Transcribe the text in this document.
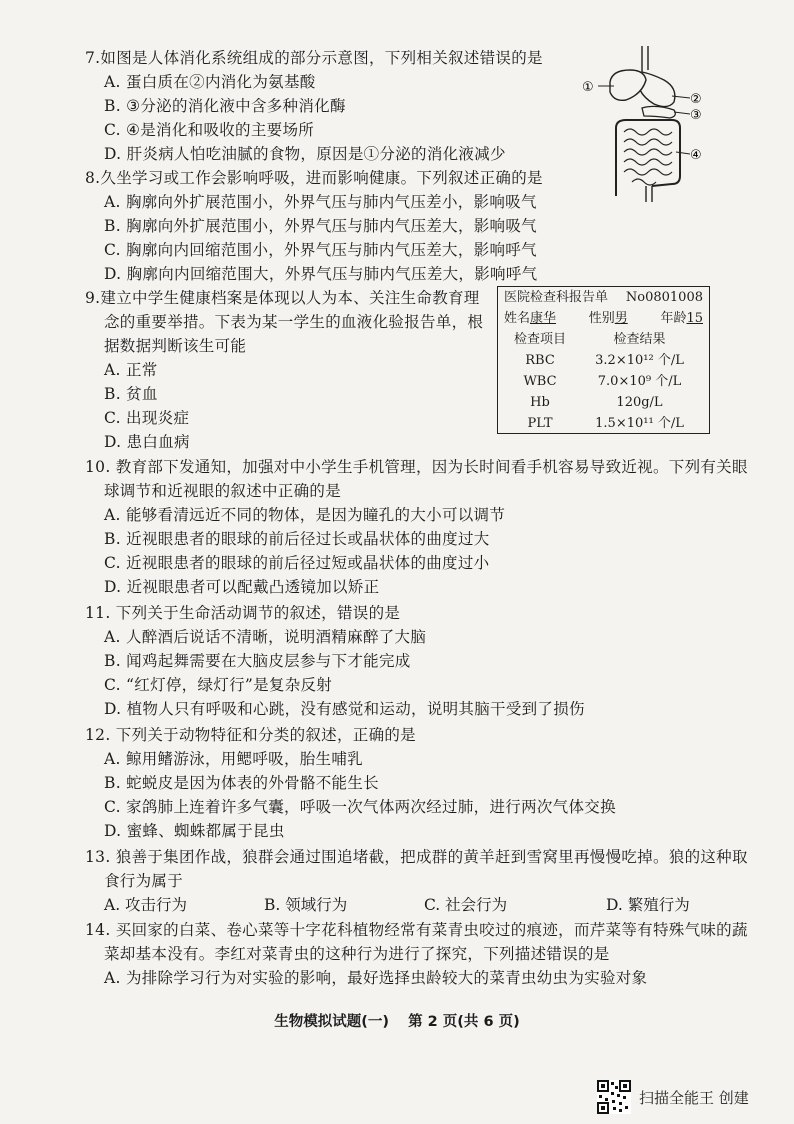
7.如图是人体消化系统组成的部分示意图，下列相关叙述错误的是
A. 蛋白质在②内消化为氨基酸
B. ③分泌的消化液中含多种消化酶
C. ④是消化和吸收的主要场所
D. 肝炎病人怕吃油腻的食物，原因是①分泌的消化液减少
①
②
③
④
8.久坐学习或工作会影响呼吸，进而影响健康。下列叙述正确的是
A. 胸廓向外扩展范围小，外界气压与肺内气压差小，影响吸气
B. 胸廓向外扩展范围小，外界气压与肺内气压差大，影响吸气
C. 胸廓向内回缩范围小，外界气压与肺内气压差大，影响呼气
D. 胸廓向内回缩范围大，外界气压与肺内气压差大，影响呼气
9.建立中学生健康档案是体现以人为本、关注生命教育理
念的重要举措。下表为某一学生的血液化验报告单，根
据数据判断该生可能
A. 正常
B. 贫血
C. 出现炎症
D. 患白血病
医院检查科报告单 No0801008
姓名康华	性别男	年龄15
检查项目	检查结果
RBC	3.2×10¹² 个/L
WBC	7.0×10⁹ 个/L
Hb	120g/L
PLT	1.5×10¹¹ 个/L
10. 教育部下发通知，加强对中小学生手机管理，因为长时间看手机容易导致近视。下列有关眼
球调节和近视眼的叙述中正确的是
A. 能够看清远近不同的物体，是因为瞳孔的大小可以调节
B. 近视眼患者的眼球的前后径过长或晶状体的曲度过大
C. 近视眼患者的眼球的前后径过短或晶状体的曲度过小
D. 近视眼患者可以配戴凸透镜加以矫正
11. 下列关于生命活动调节的叙述，错误的是
A. 人醉酒后说话不清晰，说明酒精麻醉了大脑
B. 闻鸡起舞需要在大脑皮层参与下才能完成
C. “红灯停，绿灯行”是复杂反射
D. 植物人只有呼吸和心跳，没有感觉和运动，说明其脑干受到了损伤
12. 下列关于动物特征和分类的叙述，正确的是
A. 鲸用鳍游泳，用鳃呼吸，胎生哺乳
B. 蛇蜕皮是因为体表的外骨骼不能生长
C. 家鸽肺上连着许多气囊，呼吸一次气体两次经过肺，进行两次气体交换
D. 蜜蜂、蜘蛛都属于昆虫
13. 狼善于集团作战，狼群会通过围追堵截，把成群的黄羊赶到雪窝里再慢慢吃掉。狼的这种取
食行为属于
A. 攻击行为	B. 领域行为	C. 社会行为	D. 繁殖行为
14. 买回家的白菜、卷心菜等十字花科植物经常有菜青虫咬过的痕迹，而芹菜等有特殊气味的蔬
菜却基本没有。李红对菜青虫的这种行为进行了探究，下列描述错误的是
A. 为排除学习行为对实验的影响，最好选择虫龄较大的菜青虫幼虫为实验对象
生物模拟试题(一) 第 2 页(共 6 页)
扫描全能王 创建
